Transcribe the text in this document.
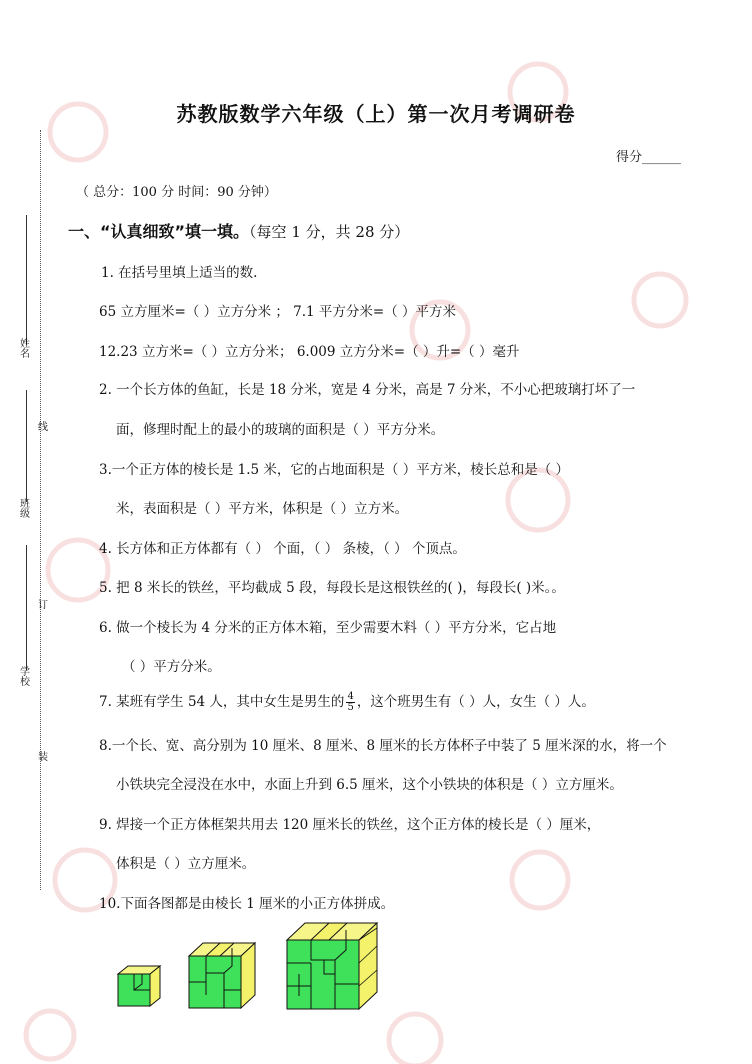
姓名
线
班级
订
学校
装
苏教版数学六年级（上）第一次月考调研卷
得分______
（ 总分：100 分 时间：90 分钟）
一、“认真细致”填一填。（每空 1 分，共 28 分）
1. 在括号里填上适当的数.
65 立方厘米=（ ）立方分米 ； 7.1 平方分米=（ ）平方米
12.23 立方米=（ ）立方分米； 6.009 立方分米=（ ）升=（ ）毫升
2. 一个长方体的鱼缸，长是 18 分米，宽是 4 分米，高是 7 分米，不小心把玻璃打坏了一
面，修理时配上的最小的玻璃的面积是（ ）平方分米。
3.一个正方体的棱长是 1.5 米，它的占地面积是（ ）平方米，棱长总和是（ ）
米，表面积是（ ）平方米，体积是（ ）立方米。
4. 长方体和正方体都有（ ） 个面，（ ） 条棱，（ ） 个顶点。
5. 把 8 米长的铁丝，平均截成 5 段，每段长是这根铁丝的( )，每段长( )米。。
6. 做一个棱长为 4 分米的正方体木箱，至少需要木料（ ）平方分米，它占地
（ ）平方分米。
7. 某班有学生 54 人，其中女生是男生的 $\frac{4}{5}$ ，这个班男生有（ ）人，女生（ ）人。
8.一个长、宽、高分别为 10 厘米、8 厘米、8 厘米的长方体杯子中装了 5 厘米深的水，将一个
小铁块完全浸没在水中，水面上升到 6.5 厘米，这个小铁块的体积是（ ）立方厘米。
9. 焊接一个正方体框架共用去 120 厘米长的铁丝，这个正方体的棱长是（ ）厘米，
体积是（ ）立方厘米。
10.下面各图都是由棱长 1 厘米的小正方体拼成。
